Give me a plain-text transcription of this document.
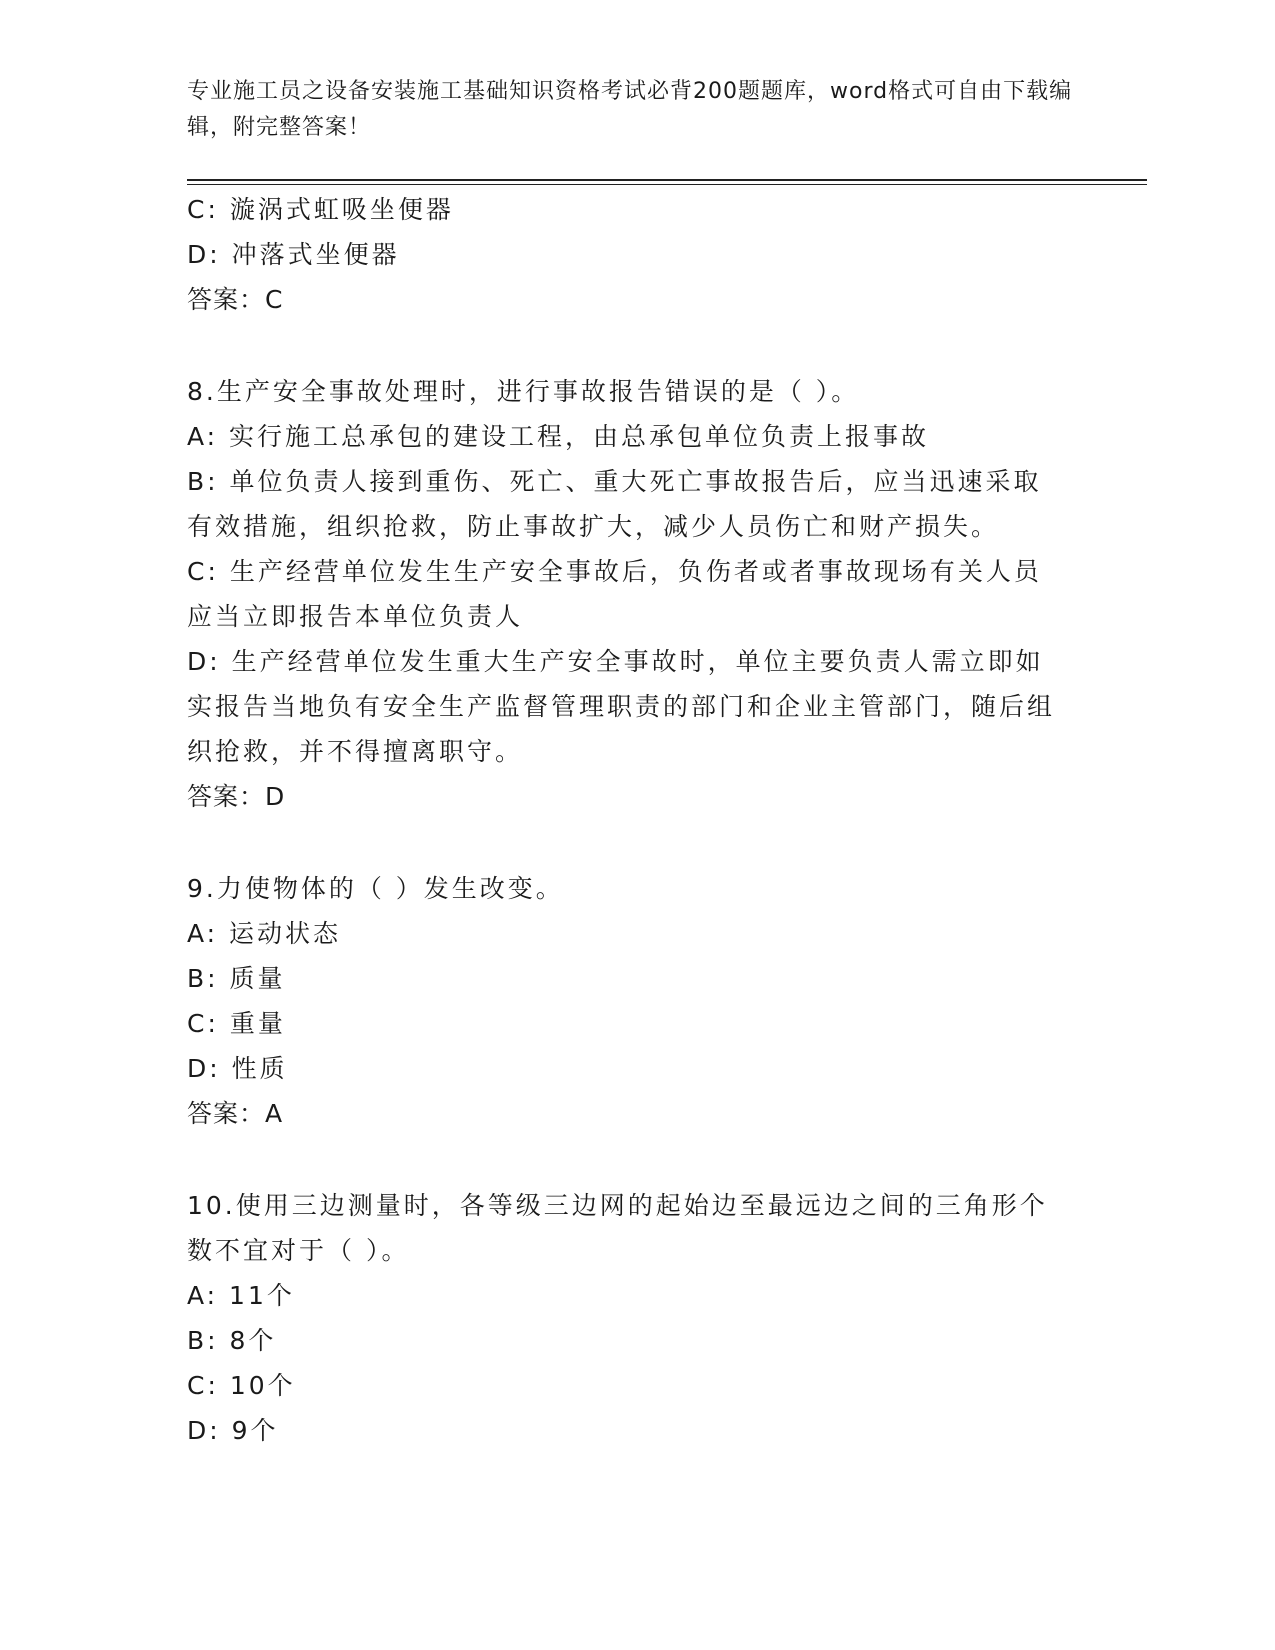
专业施工员之设备安装施工基础知识资格考试必背200题题库，word格式可自由下载编辑，附完整答案！

C: 漩涡式虹吸坐便器

D: 冲落式坐便器

答案：C

8.生产安全事故处理时，进行事故报告错误的是（ ）。

A: 实行施工总承包的建设工程，由总承包单位负责上报事故

B: 单位负责人接到重伤、死亡、重大死亡事故报告后，应当迅速采取有效措施，组织抢救，防止事故扩大，减少人员伤亡和财产损失。

C: 生产经营单位发生生产安全事故后，负伤者或者事故现场有关人员应当立即报告本单位负责人

D: 生产经营单位发生重大生产安全事故时，单位主要负责人需立即如实报告当地负有安全生产监督管理职责的部门和企业主管部门，随后组织抢救，并不得擅离职守。

答案：D

9.力使物体的（ ）发生改变。

A: 运动状态

B: 质量

C: 重量

D: 性质

答案：A

10.使用三边测量时，各等级三边网的起始边至最远边之间的三角形个数不宜对于（ ）。

A: 11个

B: 8个

C: 10个

D: 9个
